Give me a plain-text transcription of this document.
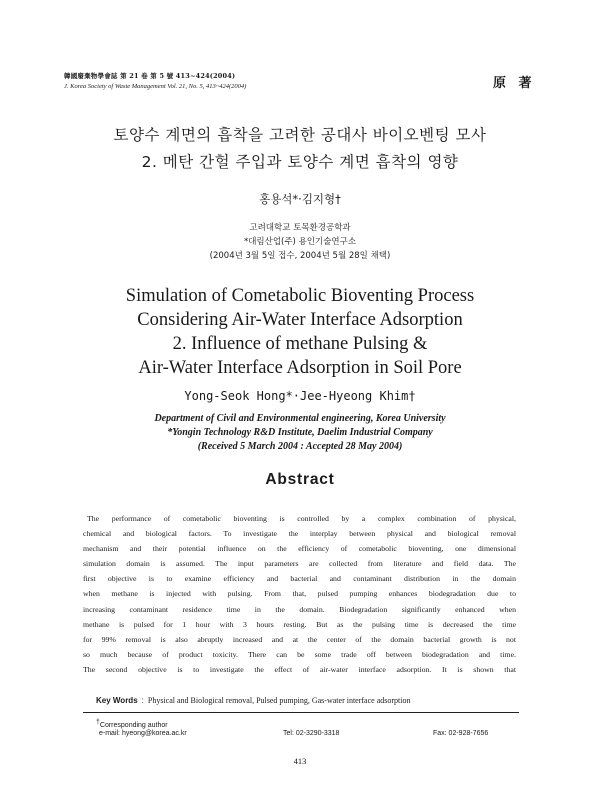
韓國廢棄物學會誌 第 21 卷 第 5 號 413~424(2004)
J. Korea Society of Waste Management Vol. 21, No. 5, 413~424(2004)	原 著
토양수 계면의 흡착을 고려한 공대사 바이오벤팅 모사
2. 메탄 간헐 주입과 토양수 계면 흡착의 영향
홍용석*·김지형†
고려대학교 토목환경공학과
*대림산업(주) 용인기술연구소
(2004년 3월 5일 접수, 2004년 5월 28일 채택)
Simulation of Cometabolic Bioventing Process
Considering Air-Water Interface Adsorption
2. Influence of methane Pulsing &
Air-Water Interface Adsorption in Soil Pore
Yong-Seok Hong*·Jee-Hyeong Khim†
Department of Civil and Environmental engineering, Korea University
*Yongin Technology R&D Institute, Daelim Industrial Company
(Received 5 March 2004 : Accepted 28 May 2004)
Abstract
The performance of cometabolic bioventing is controlled by a complex combination of physical,
chemical and biological factors. To investigate the interplay between physical and biological removal
mechanism and their potential influence on the efficiency of cometabolic bioventing, one dimensional
simulation domain is assumed. The input parameters are collected from literature and field data. The
first objective is to examine efficiency and bacterial and contaminant distribution in the domain
when methane is injected with pulsing. From that, pulsed pumping enhances biodegradation due to
increasing contaminant residence time in the domain. Biodegradation significantly enhanced when
methane is pulsed for 1 hour with 3 hours resting. But as the pulsing time is decreased the time
for 99% removal is also abruptly increased and at the center of the domain bacterial growth is not
so much because of product toxicity. There can be some trade off between biodegradation and time.
The second objective is to investigate the effect of air-water interface adsorption. It is shown that
Key Words : Physical and Biological removal, Pulsed pumping, Gas-water interface adsorption
†Corresponding author
e-mail: hyeong@korea.ac.kr	Tel: 02-3290-3318	Fax: 02-928-7656
413
